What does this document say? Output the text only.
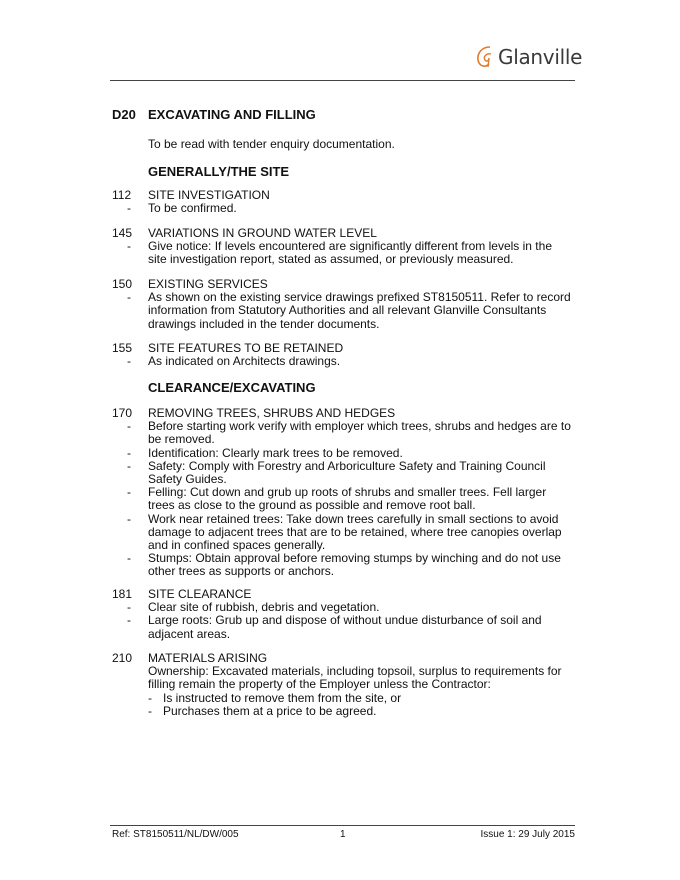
Glanville
D20 EXCAVATING AND FILLING
To be read with tender enquiry documentation.
GENERALLY/THE SITE
112	SITE INVESTIGATION
-	To be confirmed.
145	VARIATIONS IN GROUND WATER LEVEL
-	Give notice: If levels encountered are significantly different from levels in the site investigation report, stated as assumed, or previously measured.
150	EXISTING SERVICES
-	As shown on the existing service drawings prefixed ST8150511. Refer to record information from Statutory Authorities and all relevant Glanville Consultants drawings included in the tender documents.
155	SITE FEATURES TO BE RETAINED
-	As indicated on Architects drawings.
CLEARANCE/EXCAVATING
170	REMOVING TREES, SHRUBS AND HEDGES
-	Before starting work verify with employer which trees, shrubs and hedges are to be removed.
-	Identification: Clearly mark trees to be removed.
-	Safety: Comply with Forestry and Arboriculture Safety and Training Council Safety Guides.
-	Felling: Cut down and grub up roots of shrubs and smaller trees. Fell larger trees as close to the ground as possible and remove root ball.
-	Work near retained trees: Take down trees carefully in small sections to avoid damage to adjacent trees that are to be retained, where tree canopies overlap and in confined spaces generally.
-	Stumps: Obtain approval before removing stumps by winching and do not use other trees as supports or anchors.
181	SITE CLEARANCE
-	Clear site of rubbish, debris and vegetation.
-	Large roots: Grub up and dispose of without undue disturbance of soil and adjacent areas.
210	MATERIALS ARISING
Ownership: Excavated materials, including topsoil, surplus to requirements for filling remain the property of the Employer unless the Contractor:
- Is instructed to remove them from the site, or
- Purchases them at a price to be agreed.
Ref: ST8150511/NL/DW/005	1	Issue 1: 29 July 2015
